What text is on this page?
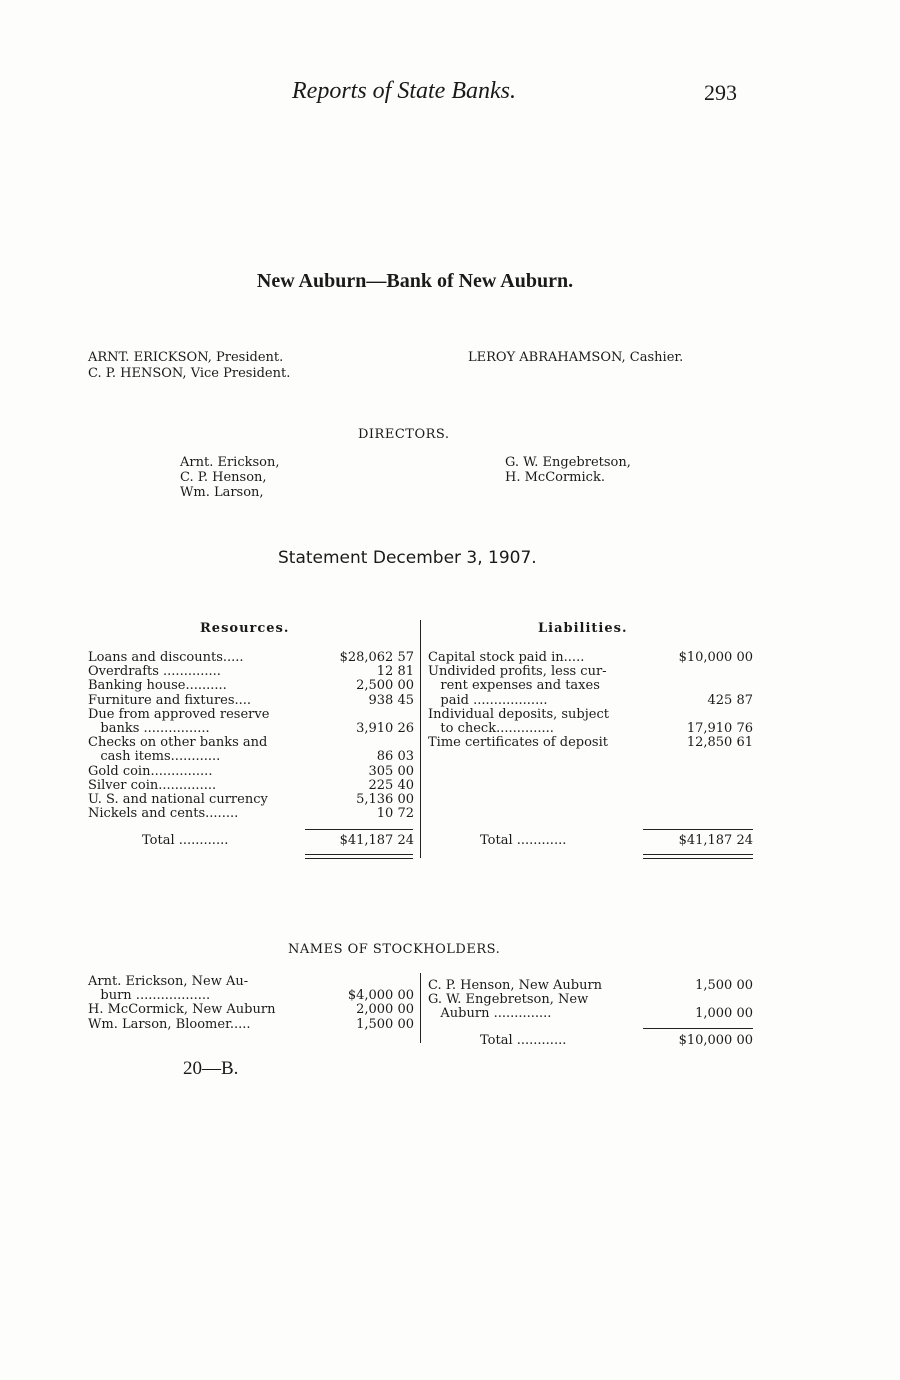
Reports of State Banks.	293
New Auburn—Bank of New Auburn.
ARNT. ERICKSON, President.
C. P. HENSON, Vice President.
LEROY ABRAHAMSON, Cashier.
DIRECTORS.
Arnt. Erickson,
C. P. Henson,
Wm. Larson,
G. W. Engebretson,
H. McCormick.
Statement December 3, 1907.
Resources.	Liabilities.
Loans and discounts.....	$28,062 57
Overdrafts ..............	12 81
Banking house..........	2,500 00
Furniture and fixtures....	938 45
Due from approved reserve
banks ................	3,910 26
Checks on other banks and
cash items............	86 03
Gold coin...............	305 00
Silver coin..............	225 40
U. S. and national currency	5,136 00
Nickels and cents........	10 72
Capital stock paid in.....	$10,000 00
Undivided profits, less cur-
rent expenses and taxes
paid ..................	425 87
Individual deposits, subject
to check..............	17,910 76
Time certificates of deposit	12,850 61
Total ............	$41,187 24	Total ............	$41,187 24
NAMES OF STOCKHOLDERS.
Arnt. Erickson, New Au-
burn ..................	$4,000 00
H. McCormick, New Auburn	2,000 00
Wm. Larson, Bloomer.....	1,500 00
C. P. Henson, New Auburn	1,500 00
G. W. Engebretson, New
Auburn ..............	1,000 00
Total ............	$10,000 00
20—B.
